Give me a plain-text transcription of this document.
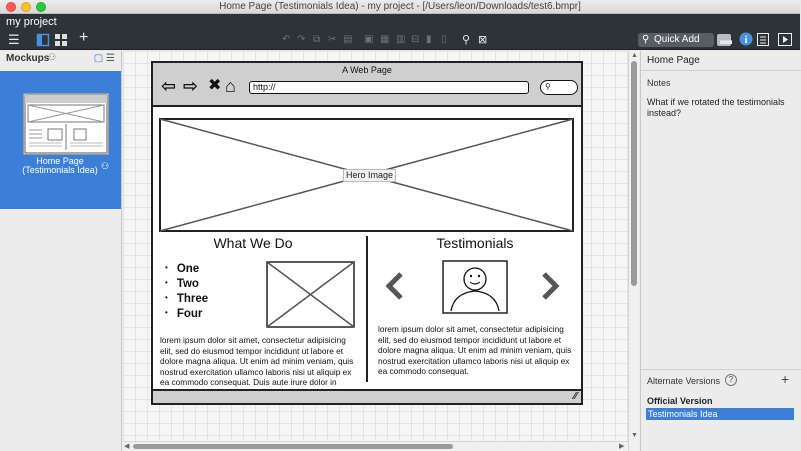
Home Page (Testimonials Idea) - my project - [/Users/leon/Downloads/test6.bmpr]
my project
☰	+	↶ ↷ ⧉ ✂ ▤ ▣ ▦ ▥ ⊟ ▮ ▯ ⚲ ⊠	⚲ Quick Add	▬ i
Mockups
⚇	▢ ☰
Home Page (Testimonials Idea) ⚇
▲
▼
◀	▶
A Web Page
⇦ ⇨ ✖ ⌂	http://	⚲
⁄⁄
Hero Image
What We Do
• One
• Two
• Three
• Four
lorem ipsum dolor sit amet, consectetur adipisicing elit, sed do eiusmod tempor incididunt ut labore et dolore magna aliqua. Ut enim ad minim veniam, quis nostrud exercitation ullamco laboris nisi ut aliquip ex ea commodo consequat. Duis aute irure dolor in
Testimonials
lorem ipsum dolor sit amet, consectetur adipisicing elit, sed do eiusmod tempor incididunt ut labore et dolore magna aliqua. Ut enim ad minim veniam, quis nostrud exercitation ullamco laboris nisi ut aliquip ex ea commodo consequat.
Home Page
Notes
What if we rotated the testimonials instead?
Alternate Versions	?	+
Official Version
Testimonials Idea
